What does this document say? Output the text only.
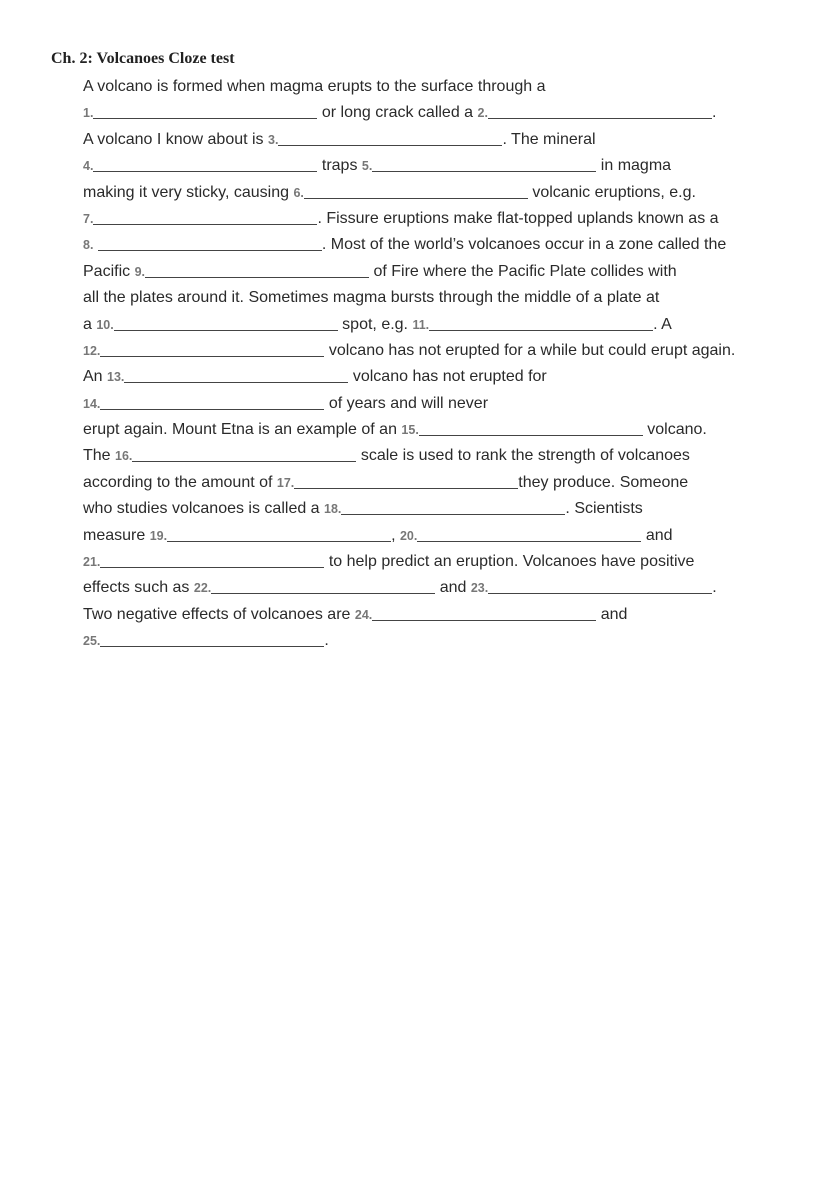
Ch. 2: Volcanoes Cloze test
A volcano is formed when magma erupts to the surface through a
1.	or long crack called a 2.	.
A volcano I know about is 3.	. The mineral
4.	traps 5.	in magma
making it very sticky, causing 6.	volcanic eruptions, e.g.
7.	. Fissure eruptions make flat-topped uplands known as a
8.	. Most of the world’s volcanoes occur in a zone called the
Pacific 9.	of Fire where the Pacific Plate collides with
all the plates around it. Sometimes magma bursts through the middle of a plate at
a 10.	spot, e.g. 11.	. A
12.	volcano has not erupted for a while but could erupt again.
An 13.	volcano has not erupted for
14.	of years and will never
erupt again. Mount Etna is an example of an 15.	volcano.
The 16.	scale is used to rank the strength of volcanoes
according to the amount of 17.	they produce. Someone
who studies volcanoes is called a 18.	. Scientists
measure 19.	, 20.	and
21.	to help predict an eruption. Volcanoes have positive
effects such as 22.	and 23.	.
Two negative effects of volcanoes are 24.	and
25.	.
